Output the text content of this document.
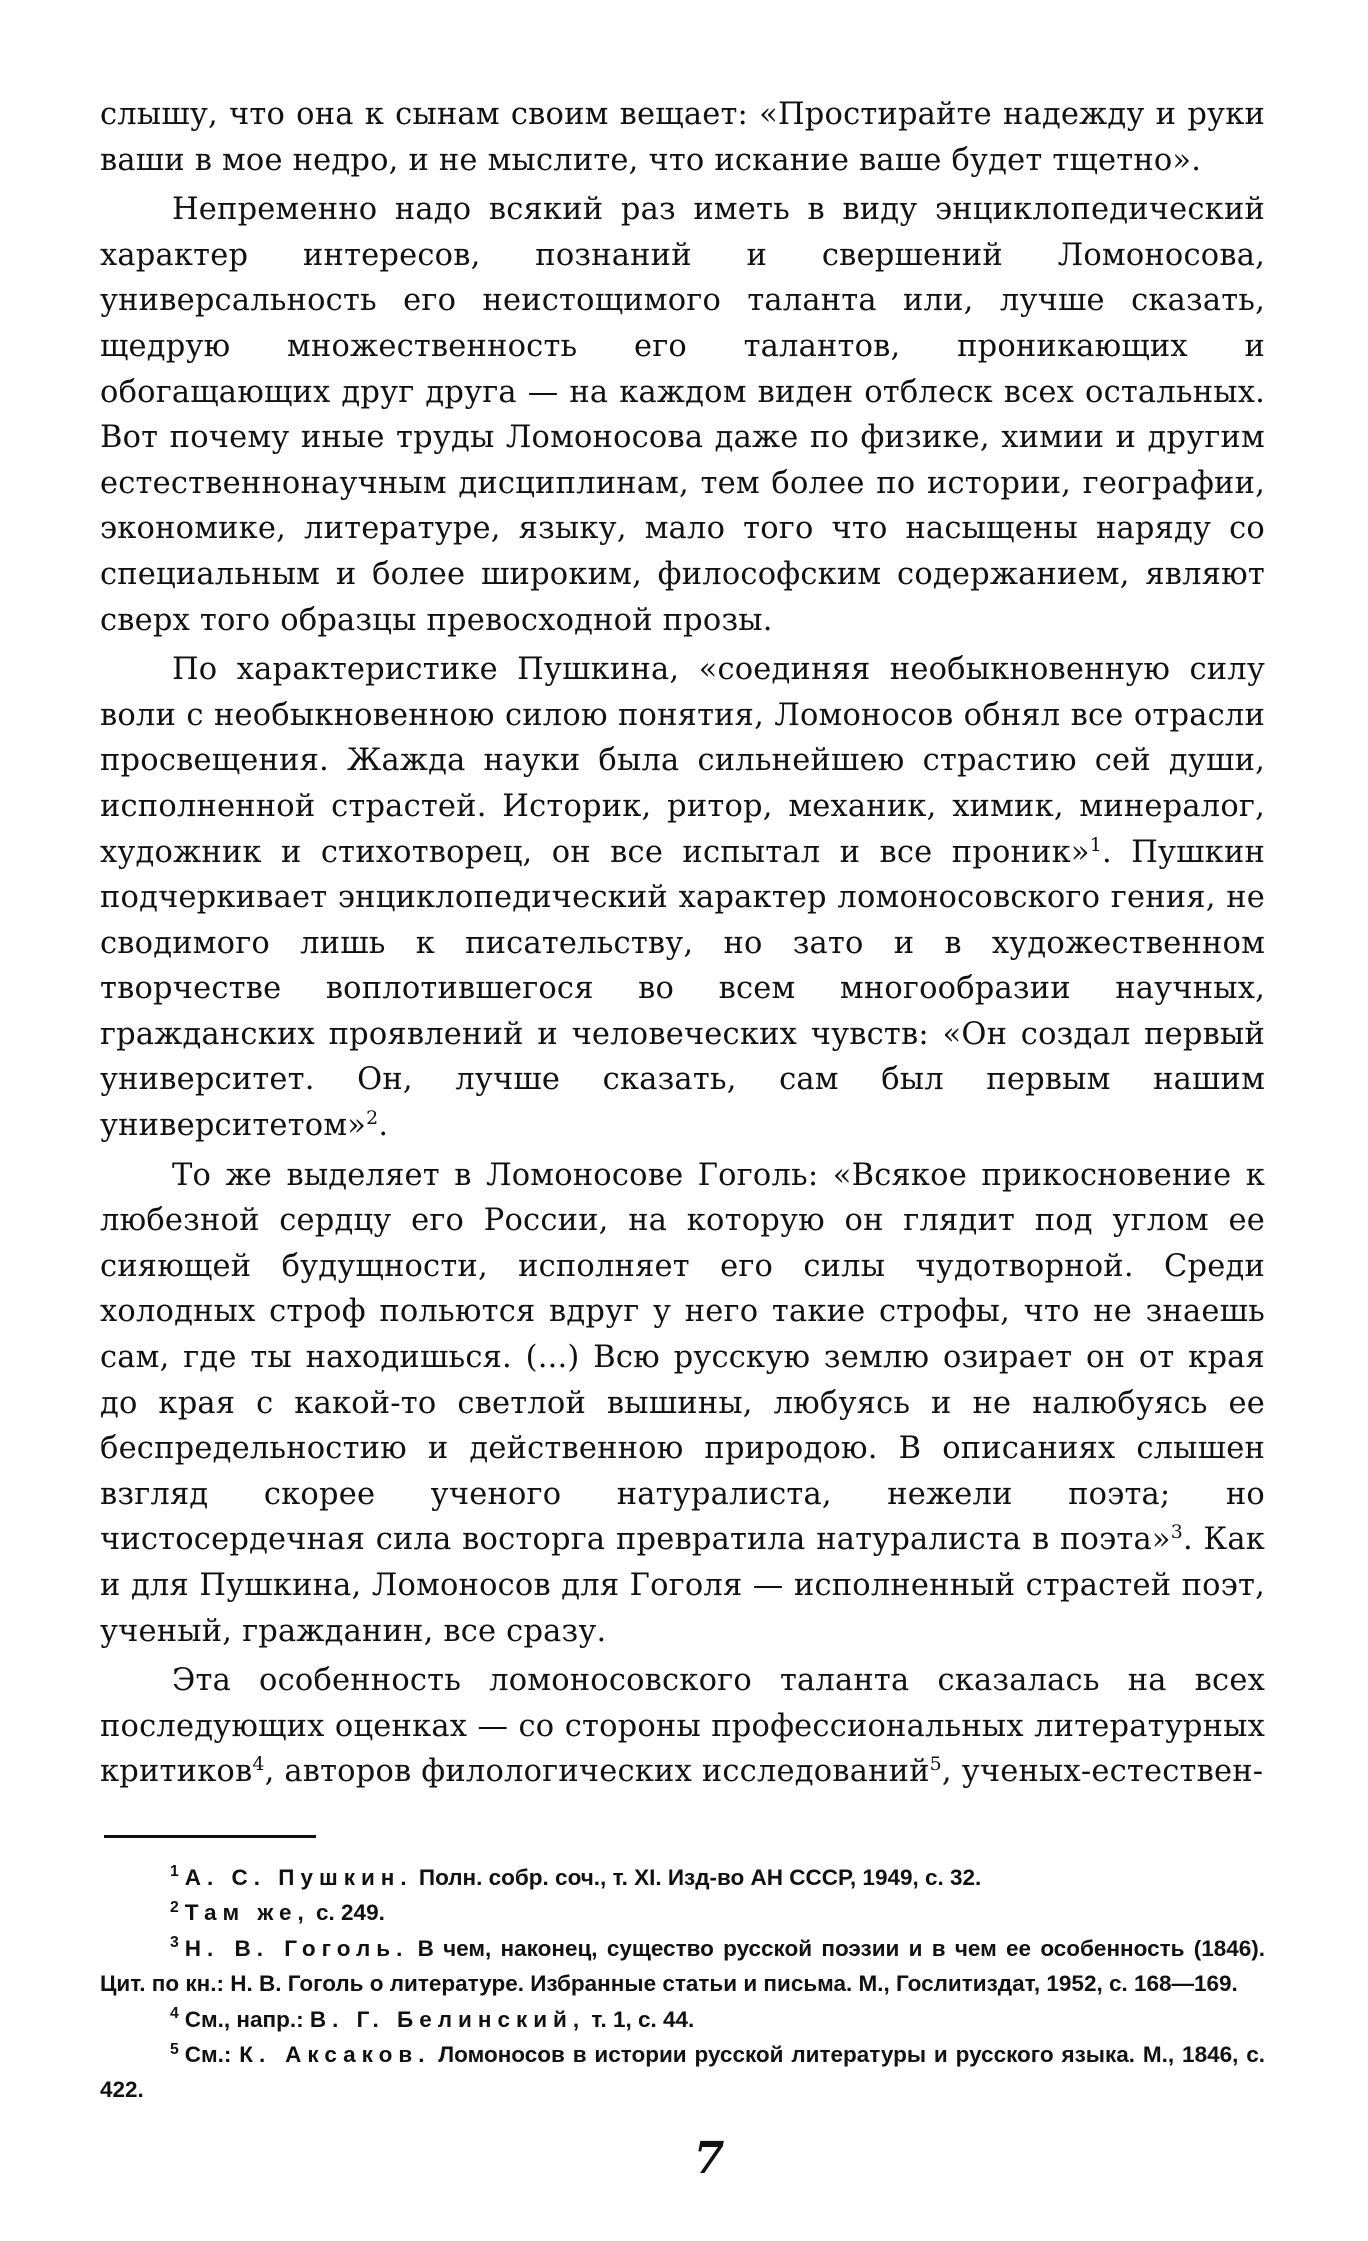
слышу, что она к сынам своим вещает: «Простирайте надежду и руки ваши в мое недро, и не мыслите, что искание ваше будет тщетно».

Непременно надо всякий раз иметь в виду энциклопедический характер интересов, познаний и свершений Ломоносова, универсальность его неистощимого таланта или, лучше сказать, щедрую множественность его талантов, проникающих и обогащающих друг друга — на каждом виден отблеск всех остальных. Вот почему иные труды Ломоносова даже по физике, химии и другим естественнонаучным дисциплинам, тем более по истории, географии, экономике, литературе, языку, мало того что насыщены наряду со специальным и более широким, философским содержанием, являют сверх того образцы превосходной прозы.

По характеристике Пушкина, «соединяя необыкновенную силу воли с необыкновенною силою понятия, Ломоносов обнял все отрасли просвещения. Жажда науки была сильнейшею страстию сей души, исполненной страстей. Историк, ритор, механик, химик, минералог, художник и стихотворец, он все испытал и все проник»$^1$. Пушкин подчеркивает энциклопедический характер ломоносовского гения, не сводимого лишь к писательству, но зато и в художественном творчестве воплотившегося во всем многообразии научных, гражданских проявлений и человеческих чувств: «Он создал первый университет. Он, лучше сказать, сам был первым нашим университетом»$^2$.

То же выделяет в Ломоносове Гоголь: «Всякое прикосновение к любезной сердцу его России, на которую он глядит под углом ее сияющей будущности, исполняет его силы чудотворной. Среди холодных строф польются вдруг у него такие строфы, что не знаешь сам, где ты находишься. (...) Всю русскую землю озирает он от края до края с какой-то светлой вышины, любуясь и не налюбуясь ее беспредельностию и действенною природою. В описаниях слышен взгляд скорее ученого натуралиста, нежели поэта; но чистосердечная сила восторга превратила натуралиста в поэта»$^3$. Как и для Пушкина, Ломоносов для Гоголя — исполненный страстей поэт, ученый, гражданин, все сразу.

Эта особенность ломоносовского таланта сказалась на всех последующих оценках — со стороны профессиональных литературных критиков$^4$, авторов филологических исследований$^5$, ученых-естествен-

$^1$ А. С. Пушкин. Полн. собр. соч., т. XI. Изд-во АН СССР, 1949, с. 32.

$^2$ Там же, с. 249.

$^3$ Н. В. Гоголь. В чем, наконец, существо русской поэзии и в чем ее особенность (1846). Цит. по кн.: Н. В. Гоголь о литературе. Избранные статьи и письма. М., Гослитиздат, 1952, с. 168—169.

$^4$ См., напр.: В. Г. Белинский, т. 1, с. 44.

$^5$ См.: К. Аксаков. Ломоносов в истории русской литературы и русского языка. М., 1846, с. 422.

7
